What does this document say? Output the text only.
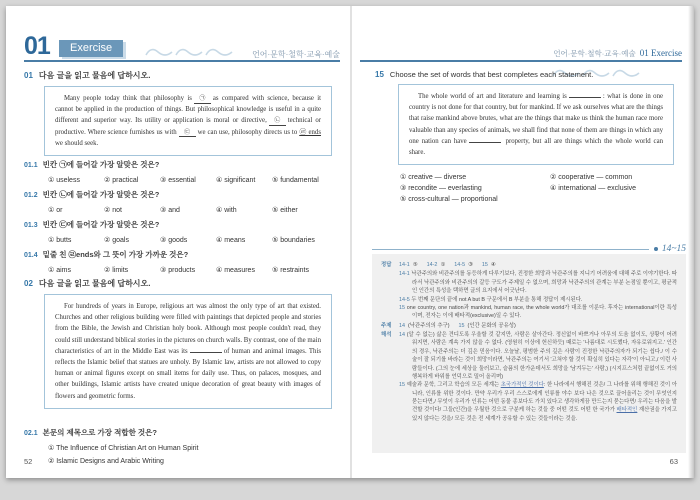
01	Exercise
언어·문학·철학·교육·예술
01 다음 글을 읽고 물음에 답하시오.
Many people today think that philosophy is ㉠ as compared with science, because it cannot be applied in the production of things. But philosophical knowledge is useful in a quite different and superior way. Its utility or application is moral or directive, ㉡ technical or productive. Where science furnishes us with ㉢ we can use, philosophy directs us to ㉣ ends we should seek.
01.1 빈칸 ㉠에 들어갈 가장 알맞은 것은?
① useless	② practical	③ essential	④ significant	⑤ fundamental
01.2 빈칸 ㉡에 들어갈 가장 알맞은 것은?
① or	② not	③ and	④ with	⑤ either
01.3 빈칸 ㉢에 들어갈 가장 알맞은 것은?
① butts	② goals	③ goods	④ means	⑤ boundaries
01.4 밑줄 친 ㉣ends와 그 뜻이 가장 가까운 것은?
① aims	② limits	③ products	④ measures	⑤ restraints
02 다음 글을 읽고 물음에 답하시오.
For hundreds of years in Europe, religious art was almost the only type of art that existed. Churches and other religious building were filled with paintings that depicted people and stories from the Bible, the Jewish and Christian holy book. Although most people couldn't read, they could still understand biblical stories in the pictures on church walls. By contrast, one of the main characteristics of art in the Middle East was its	of human and animal images. This reflects the Islamic belief that statues are unholy. By Islamic law, artists are not allowed to copy human or animal figures except on small items for daily use. Thus, on palaces, mosques, and other buildings, Islamic artists have created unique decoration of great beauty with images of flowers and geometric forms.
02.1 본문의 제목으로 가장 적합한 것은?
① The Influence of Christian Art on Human Spirit
② Islamic Designs and Arabic Writing
52
언어·문학·철학·교육·예술 01 Exercise
15 Choose the set of words that best completes each statement.
The whole world of art and literature and learning is	: what is done in one country is not done for that country, but for mankind. If we ask ourselves what are the things that raise mankind above brutes, what are the things that make us think the human race more valuable than any species of animals, we shall find that none of them are things in which any one nation can have	property, but all are things which the whole world can share.
① creative — diverse	② cooperative — common
③ recondite — everlasting	④ international — exclusive
⑤ cross-cultural — proportional
14~15
정답	14-1 ⑤ 14-2 ① 14-5 ③ 15 ④

14-1 낙관주의와 비관주의를 동등하게 다루기보다, 진정한 희망과 낙관주의를 지니기 어려움에 대해 주로 이야기한다. 따라서 낙관주의와 비관주의의 갈등 구도가 주제일 수 없으며, 희망과 낙관주의의 관계는 부분 논점일 뿐이고, 평균적인 인간의 특성을 택하면 글의 요지에서 어긋난다.

14-5 두 번째 문단의 끝에 not A but B 구문에서 B 부분을 통해 정답이 제시된다.

15 one country, one nation과 mankind, human race, the whole world가 대조를 이룬다. 후자는 international이란 특성이며, 전자는 이에 배타적(exclusive)일 수 있다.

주제	14 (낙관주의의 추구) 15 (인간 문화의 공유성)
해석	14 (알 수 없는) 삶은 견디도록 우울할 것 같지만, 사람은 살아간다. 정신없이 바쁘거나 아무의 도움 없이도, 상황이 어려워지면, 사람은 계속 가지 않을 수 없다. (영원히 이상에 헌신하듯) 때로는 '나름대로 시도했다, 자유로워지고.' 인간의 경우, 낙관주의는 더 깊은 믿음이다. 오늘날, 평범한 주의 깊은 사람이 진정한 낙관주의자가 되기는 쉽다./ 이 수술이 잘 되기를 바라는 것이 희망이라면, 낙관주의는 여기서 '고쳐야 할 것이 확실히 있다는 자각'이 아니고,/ 이런 사람들이다. (그의 눈에 세상을 둘러보고, 슬픔의 한가운데서도 희망을 '남겨두는' 사람,) (시지프스처럼 끝없이도 거의 행복하게 바위를 언덕으로 밀어 올리며)

15 예술과 문학, 그리고 학습의 모든 세계는 초국가적인 것이다: 한 나라에서 행해진 것은/ 그 나라를 위해 행해진 것이 아니라, 인류를 위한 것이다. 만약 우리가 우리 스스로에게 인류를 야수 보다 나은 것으로 끌어올리는 것이 무엇인지 묻는다면,/ 무엇이 우리가 인류는 어떤 동물 종보다도 가치 있다고 생각하게끔 만드는지 묻는다면/ 우리는 다음을 발견할 것이다/ 그들(인간)을 우월한 것으로 구분케 하는 것들 중 어떤 것도 어떤 한 국가가 배타적인 재산권을 가지고 있지 않다는 것을/ 모든 것은 전 세계가 공유할 수 있는 것들이라는 것을.

63
